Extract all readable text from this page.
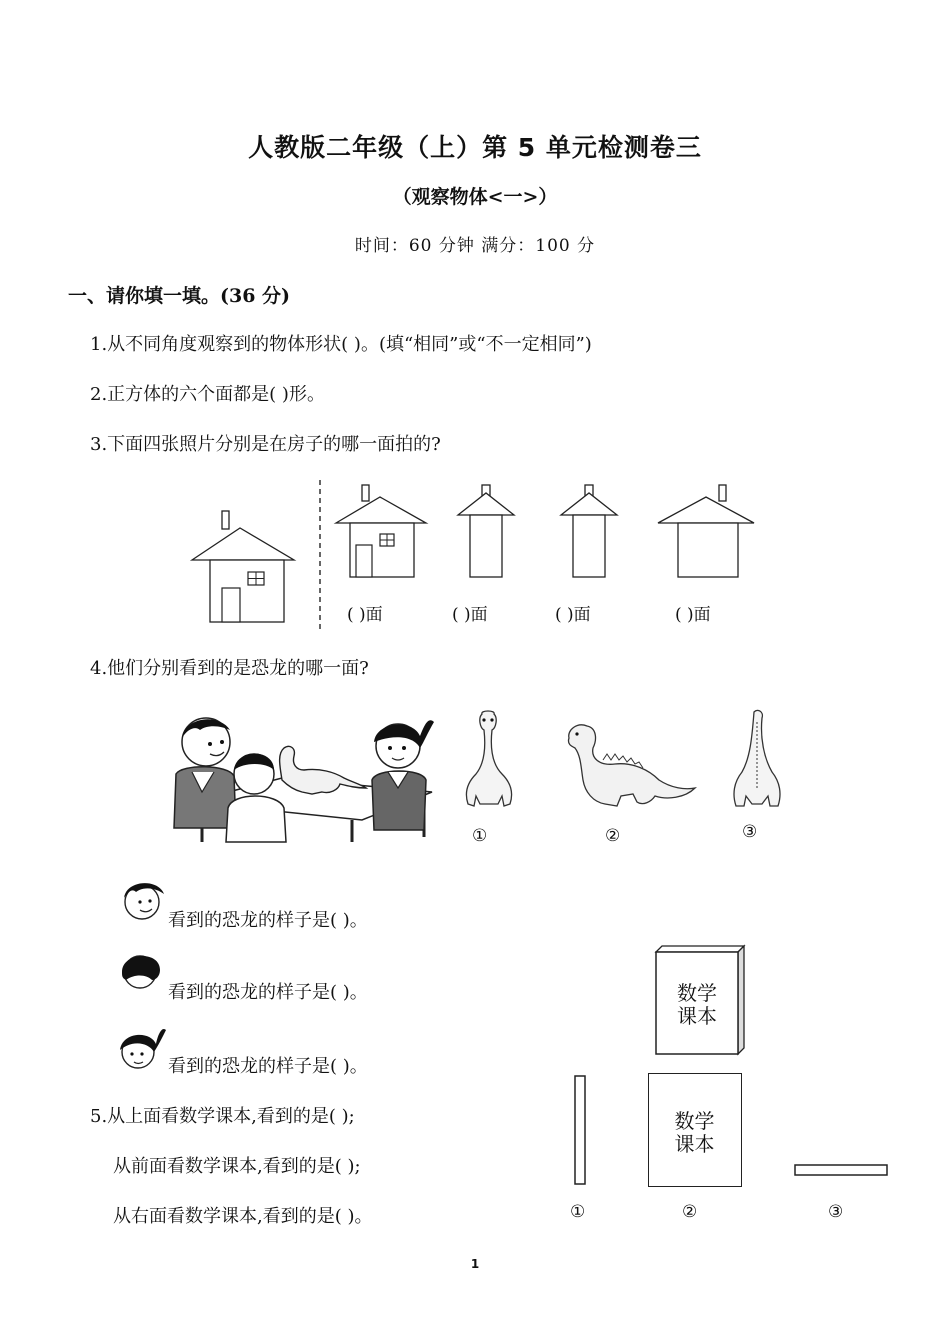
人教版二年级（上）第 5 单元检测卷三
（观察物体<一>）
时间：60 分钟 满分：100 分
一、请你填一填。(36 分)
1.从不同角度观察到的物体形状( )。(填“相同”或“不一定相同”)
2.正方体的六个面都是( )形。
3.下面四张照片分别是在房子的哪一面拍的?
( )面	( )面	( )面	( )面
4.他们分别看到的是恐龙的哪一面?
①	②	③
看到的恐龙的样子是( )。
看到的恐龙的样子是( )。
看到的恐龙的样子是( )。
5.从上面看数学课本,看到的是( );
从前面看数学课本,看到的是( );
从右面看数学课本,看到的是( )。
数学
课本
数学
课本
①	②	③
1
